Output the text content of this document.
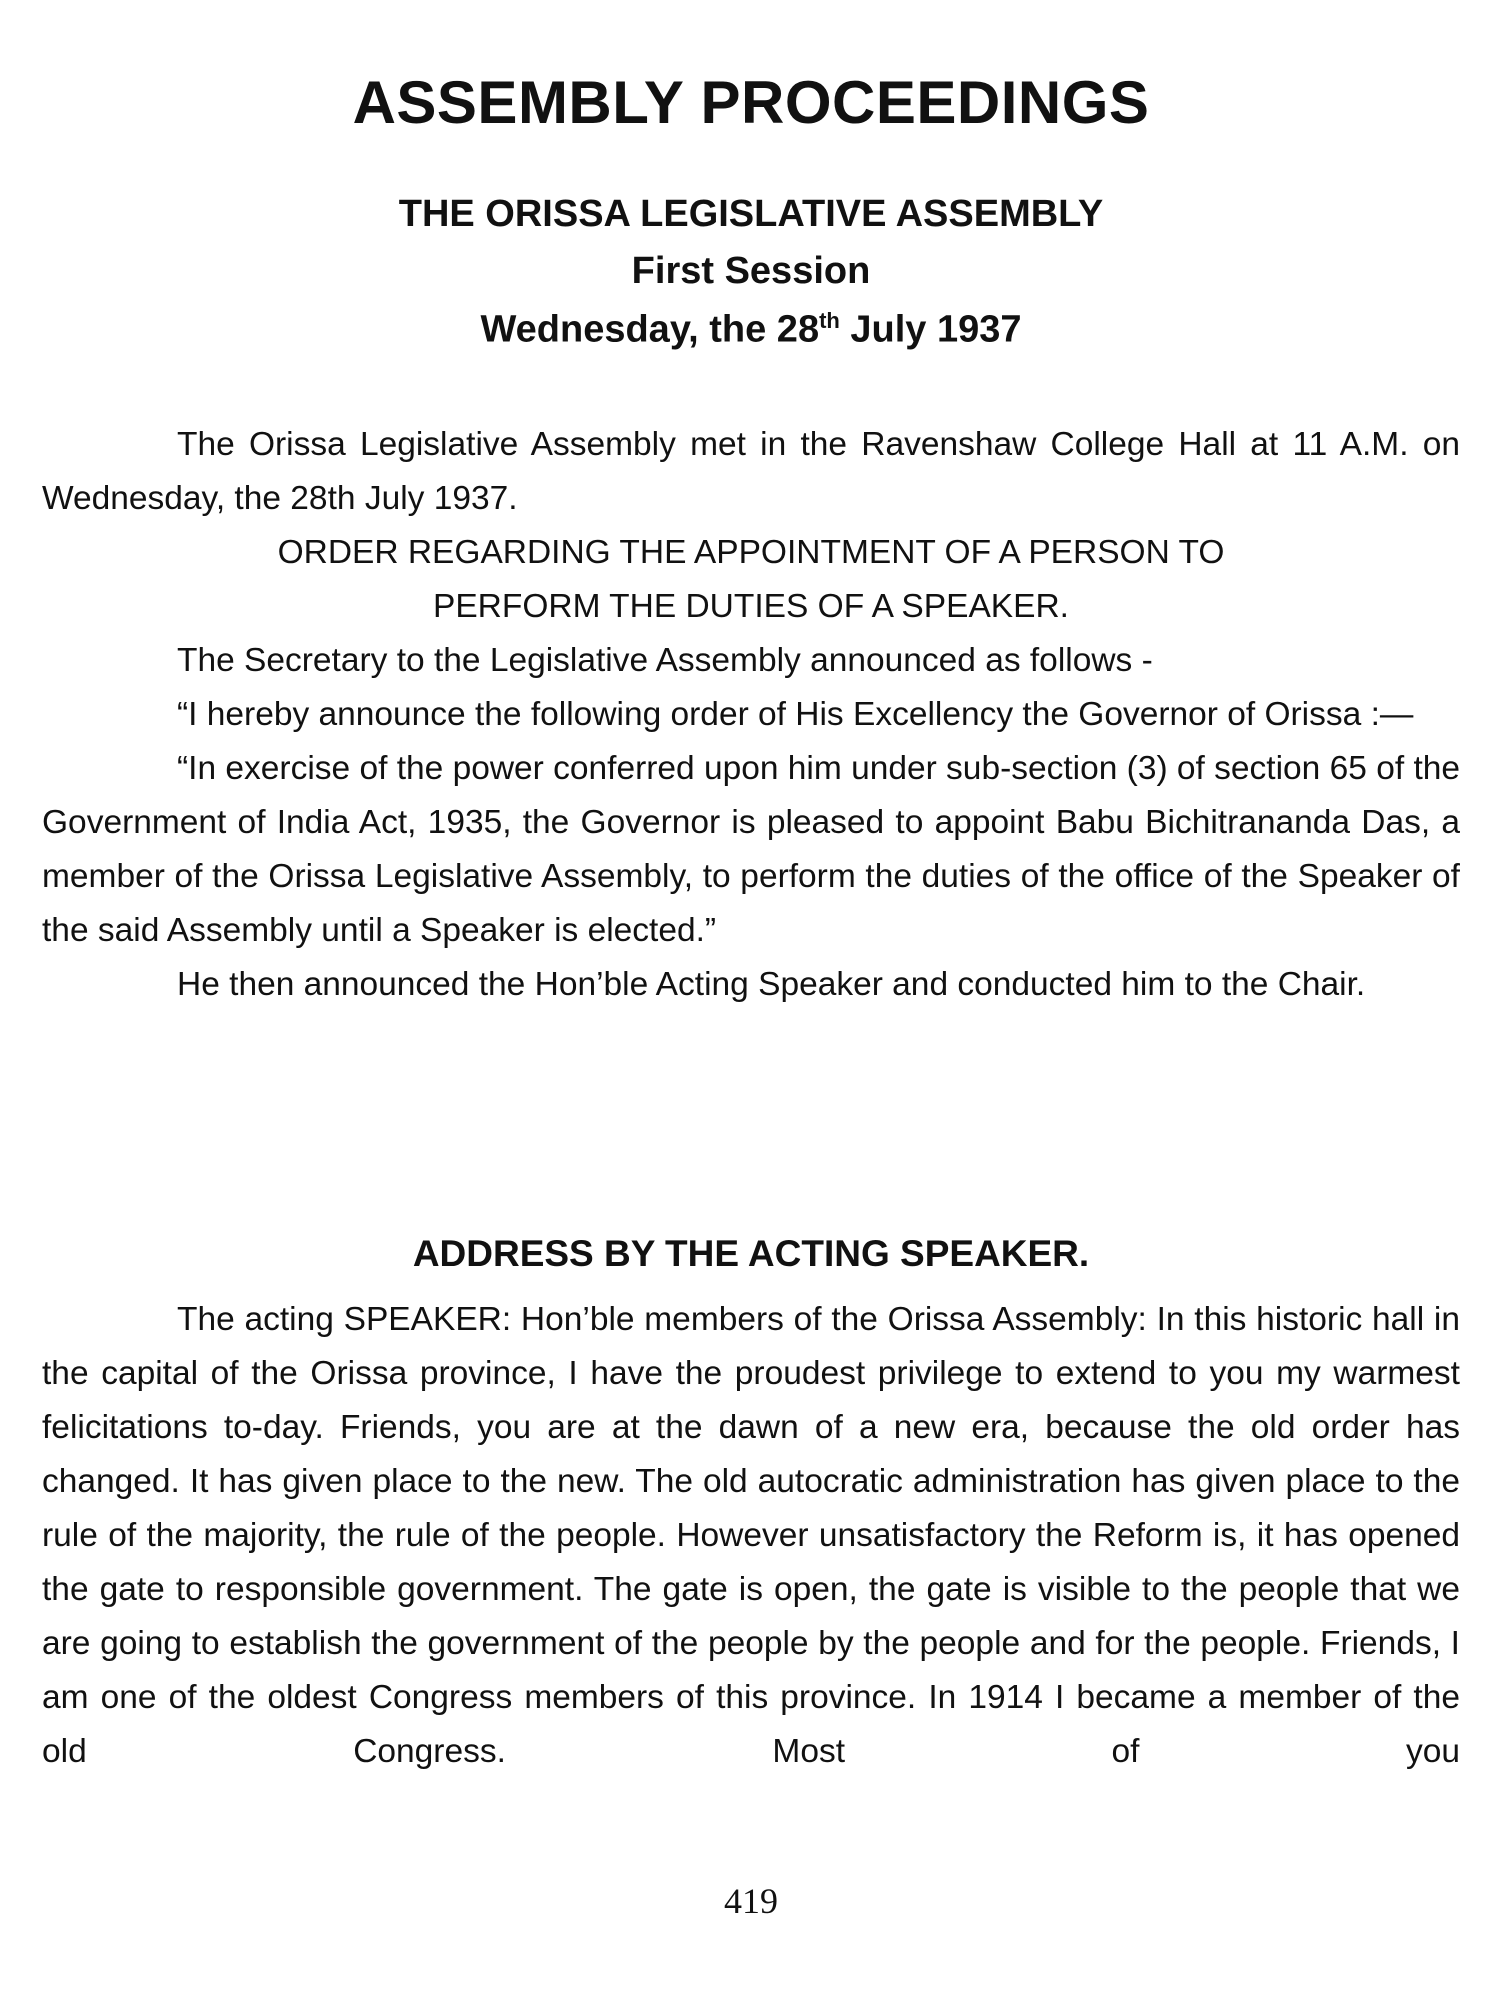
ASSEMBLY PROCEEDINGS

THE ORISSA LEGISLATIVE ASSEMBLY

First Session

Wednesday, the 28th July 1937

The Orissa Legislative Assembly met in the Ravenshaw College Hall at 11 A.M. on Wednesday, the 28th July 1937.

ORDER REGARDING THE APPOINTMENT OF A PERSON TO

PERFORM THE DUTIES OF A SPEAKER.

The Secretary to the Legislative Assembly announced as follows -

“I hereby announce the following order of His Excellency the Governor of Orissa :—

“In exercise of the power conferred upon him under sub-section (3) of section 65 of the Government of India Act, 1935, the Governor is pleased to appoint Babu Bichitrananda Das, a member of the Orissa Legislative Assembly, to perform the duties of the office of the Speaker of the said Assembly until a Speaker is elected.”

He then announced the Hon’ble Acting Speaker and conducted him to the Chair.

ADDRESS BY THE ACTING SPEAKER.

The acting SPEAKER: Hon’ble members of the Orissa Assembly: In this historic hall in the capital of the Orissa province, I have the proudest privilege to extend to you my warmest felicitations to-day. Friends, you are at the dawn of a new era, because the old order has changed. It has given place to the new. The old autocratic administration has given place to the rule of the majority, the rule of the people. However unsatisfactory the Reform is, it has opened the gate to responsible government. The gate is open, the gate is visible to the people that we are going to establish the government of the people by the people and for the people. Friends, I am one of the oldest Congress members of this province. In 1914 I became a member of the old Congress. Most of you

419
